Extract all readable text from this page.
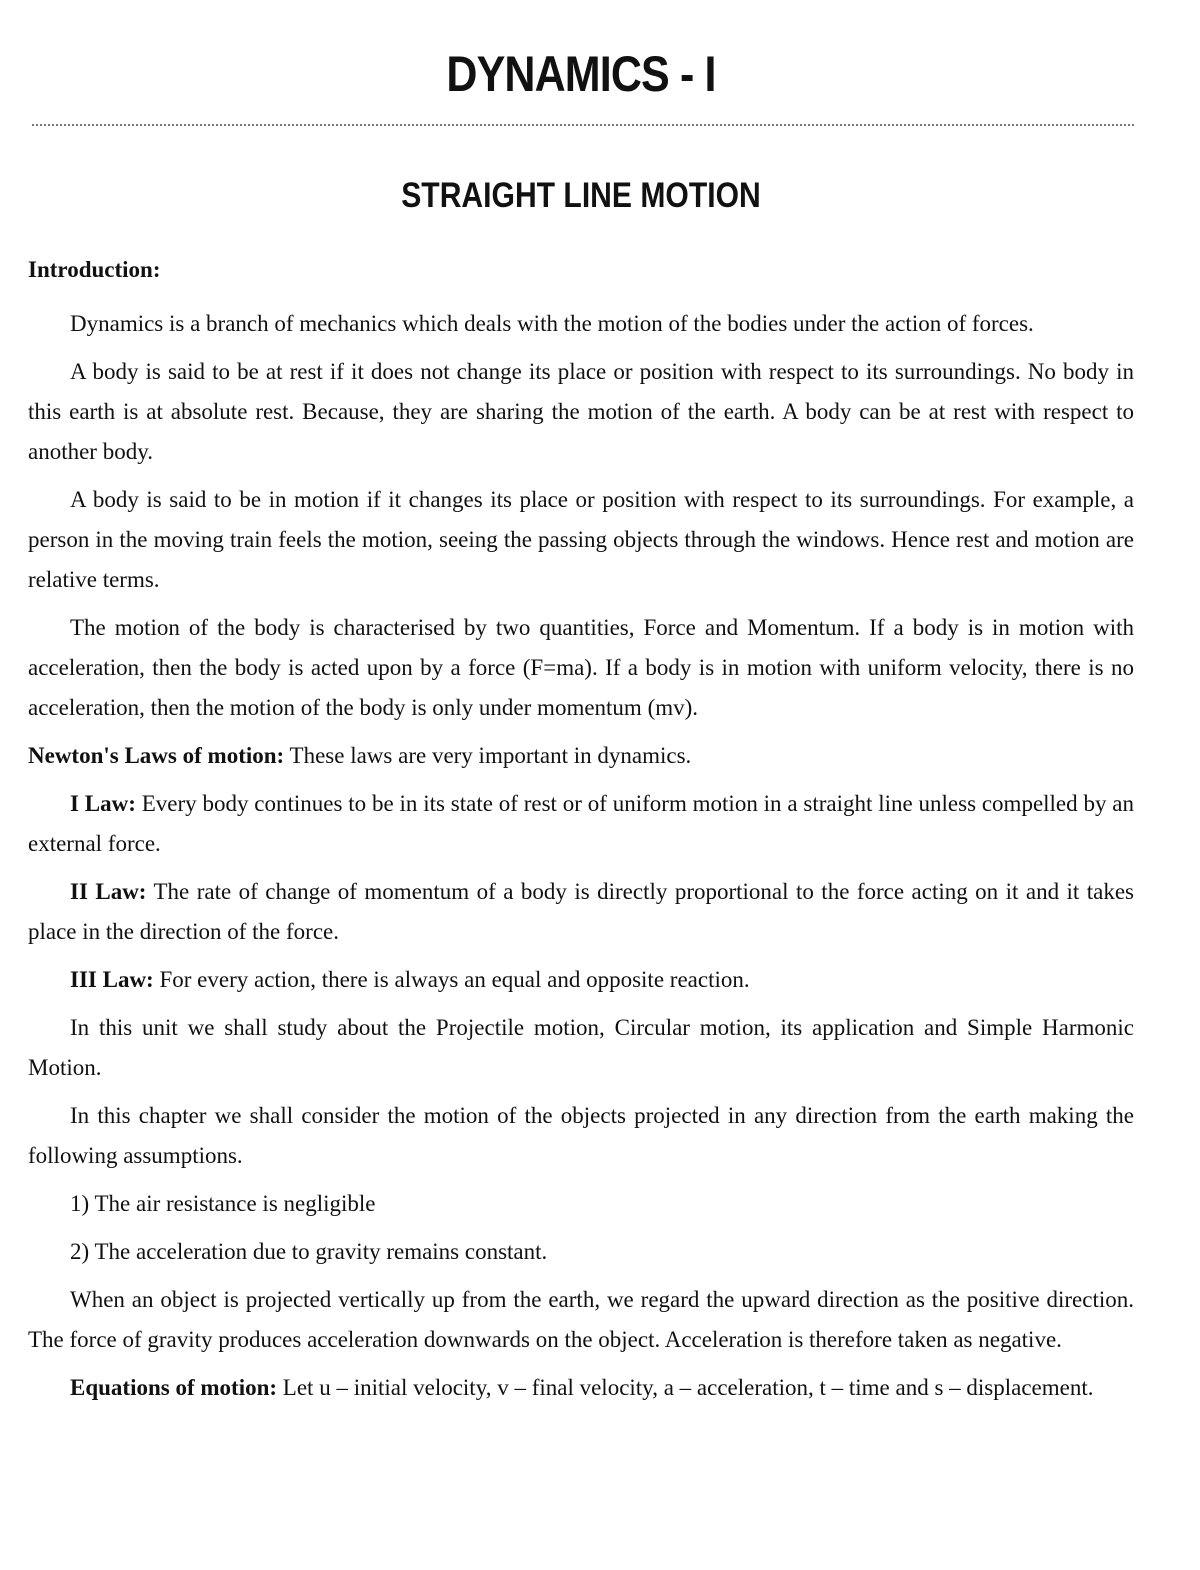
DYNAMICS - I
STRAIGHT LINE MOTION
Introduction:

Dynamics is a branch of mechanics which deals with the motion of the bodies under the action of forces.

A body is said to be at rest if it does not change its place or position with respect to its surroundings. No body in this earth is at absolute rest. Because, they are sharing the motion of the earth. A body can be at rest with respect to another body.

A body is said to be in motion if it changes its place or position with respect to its surroundings. For example, a person in the moving train feels the motion, seeing the passing objects through the windows. Hence rest and motion are relative terms.

The motion of the body is characterised by two quantities, Force and Momentum. If a body is in motion with acceleration, then the body is acted upon by a force (F=ma). If a body is in motion with uniform velocity, there is no acceleration, then the motion of the body is only under momentum (mv).

Newton's Laws of motion: These laws are very important in dynamics.

I Law: Every body continues to be in its state of rest or of uniform motion in a straight line unless compelled by an external force.

II Law: The rate of change of momentum of a body is directly proportional to the force acting on it and it takes place in the direction of the force.

III Law: For every action, there is always an equal and opposite reaction.

In this unit we shall study about the Projectile motion, Circular motion, its application and Simple Harmonic Motion.

In this chapter we shall consider the motion of the objects projected in any direction from the earth making the following assumptions.

1) The air resistance is negligible

2) The acceleration due to gravity remains constant.

When an object is projected vertically up from the earth, we regard the upward direction as the positive direction. The force of gravity produces acceleration downwards on the object. Acceleration is therefore taken as negative.

Equations of motion: Let u – initial velocity, v – final velocity, a – acceleration, t – time and s – displacement.
